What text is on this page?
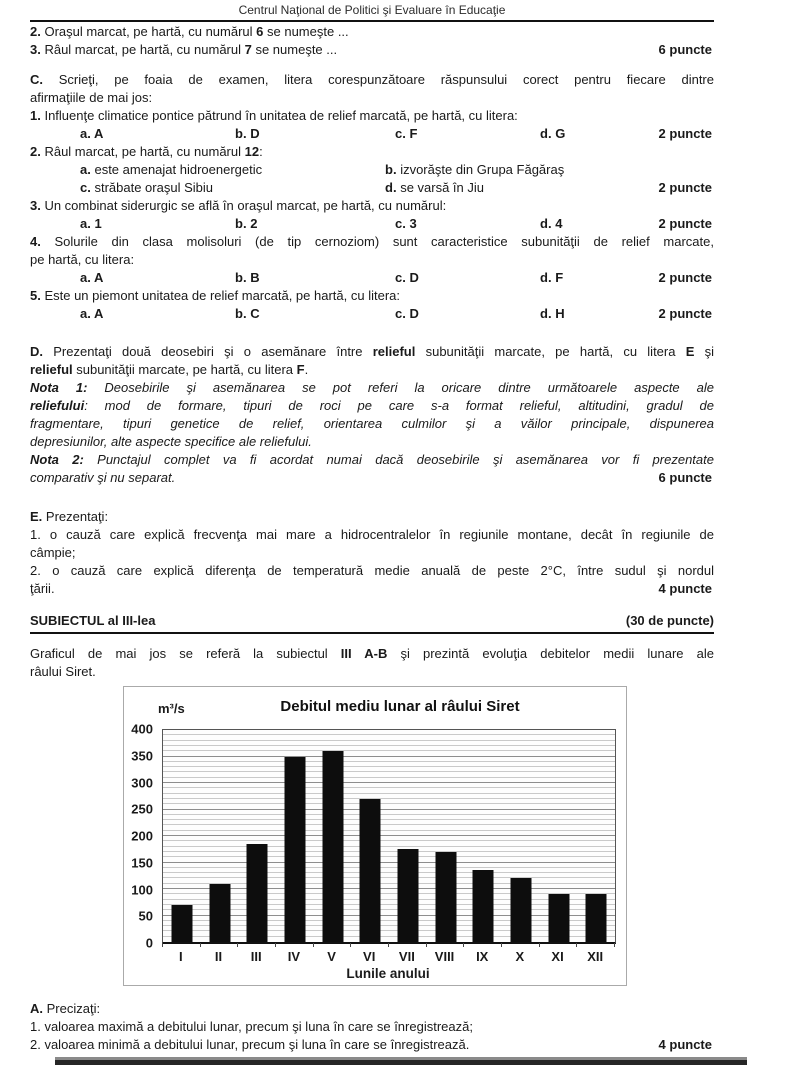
Centrul Naţional de Politici şi Evaluare în Educaţie
2. Oraşul marcat, pe hartă, cu numărul 6 se numeşte ...
3. Râul marcat, pe hartă, cu numărul 7 se numeşte ...	6 puncte
C. Scrieţi, pe foaia de examen, litera corespunzătoare răspunsului corect pentru fiecare dintre
afirmaţiile de mai jos:
1. Influenţe climatice pontice pătrund în unitatea de relief marcată, pe hartă, cu litera:
a. A	b. D	c. F	d. G	2 puncte
2. Râul marcat, pe hartă, cu numărul 12:
a. este amenajat hidroenergetic	b. izvorăşte din Grupa Făgăraş
c. străbate oraşul Sibiu	d. se varsă în Jiu	2 puncte
3. Un combinat siderurgic se află în oraşul marcat, pe hartă, cu numărul:
a. 1	b. 2	c. 3	d. 4	2 puncte
4. Solurile din clasa molisoluri (de tip cernoziom) sunt caracteristice subunităţii de relief marcate,
pe hartă, cu litera:
a. A	b. B	c. D	d. F	2 puncte
5. Este un piemont unitatea de relief marcată, pe hartă, cu litera:
a. A	b. C	c. D	d. H	2 puncte
D. Prezentaţi două deosebiri şi o asemănare între relieful subunităţii marcate, pe hartă, cu litera E şi
relieful subunităţii marcate, pe hartă, cu litera F.
Nota 1: Deosebirile şi asemănarea se pot referi la oricare dintre următoarele aspecte ale
reliefului: mod de formare, tipuri de roci pe care s-a format relieful, altitudini, gradul de
fragmentare, tipuri genetice de relief, orientarea culmilor şi a văilor principale, dispunerea
depresiunilor, alte aspecte specifice ale reliefului.
Nota 2: Punctajul complet va fi acordat numai dacă deosebirile şi asemănarea vor fi prezentate
comparativ şi nu separat.	6 puncte
E. Prezentaţi:
1. o cauză care explică frecvenţa mai mare a hidrocentralelor în regiunile montane, decât în regiunile de
câmpie;
2. o cauză care explică diferenţa de temperatură medie anuală de peste 2°C, între sudul şi nordul
ţării.	4 puncte
SUBIECTUL al III-lea	(30 de puncte)
Graficul de mai jos se referă la subiectul III A-B şi prezintă evoluţia debitelor medii lunare ale
râului Siret.
m³/s	Debitul mediu lunar al râului Siret
400
350
300
250
200
150
100
50
0
I	II	III	IV	V	VI	VII	VIII	IX	X	XI	XII
Lunile anului
A. Precizaţi:
1. valoarea maximă a debitului lunar, precum şi luna în care se înregistrează;
2. valoarea minimă a debitului lunar, precum şi luna în care se înregistrează.	4 puncte
